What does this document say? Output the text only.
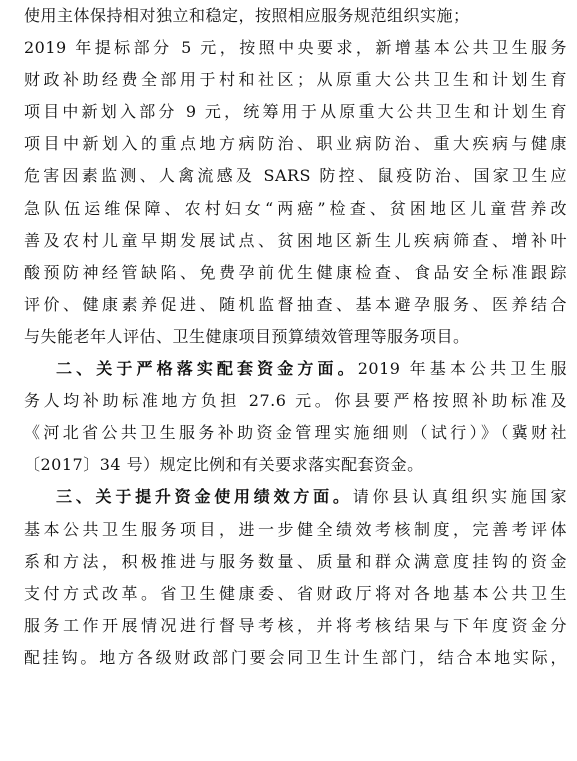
使用主体保持相对独立和稳定，按照相应服务规范组织实施；
2019 年提标部分 5 元，按照中央要求，新增基本公共卫生服务
财政补助经费全部用于村和社区；从原重大公共卫生和计划生育
项目中新划入部分 9 元，统筹用于从原重大公共卫生和计划生育
项目中新划入的重点地方病防治、职业病防治、重大疾病与健康
危害因素监测、人禽流感及 SARS 防控、鼠疫防治、国家卫生应
急队伍运维保障、农村妇女“两癌”检查、贫困地区儿童营养改
善及农村儿童早期发展试点、贫困地区新生儿疾病筛查、增补叶
酸预防神经管缺陷、免费孕前优生健康检查、食品安全标准跟踪
评价、健康素养促进、随机监督抽查、基本避孕服务、医养结合
与失能老年人评估、卫生健康项目预算绩效管理等服务项目。
二、关于严格落实配套资金方面。2019 年基本公共卫生服
务人均补助标准地方负担 27.6 元。你县要严格按照补助标准及
《河北省公共卫生服务补助资金管理实施细则（试行）》（冀财社
〔2017〕34 号）规定比例和有关要求落实配套资金。
三、关于提升资金使用绩效方面。请你县认真组织实施国家
基本公共卫生服务项目，进一步健全绩效考核制度，完善考评体
系和方法，积极推进与服务数量、质量和群众满意度挂钩的资金
支付方式改革。省卫生健康委、省财政厅将对各地基本公共卫生
服务工作开展情况进行督导考核，并将考核结果与下年度资金分
配挂钩。地方各级财政部门要会同卫生计生部门，结合本地实际，
